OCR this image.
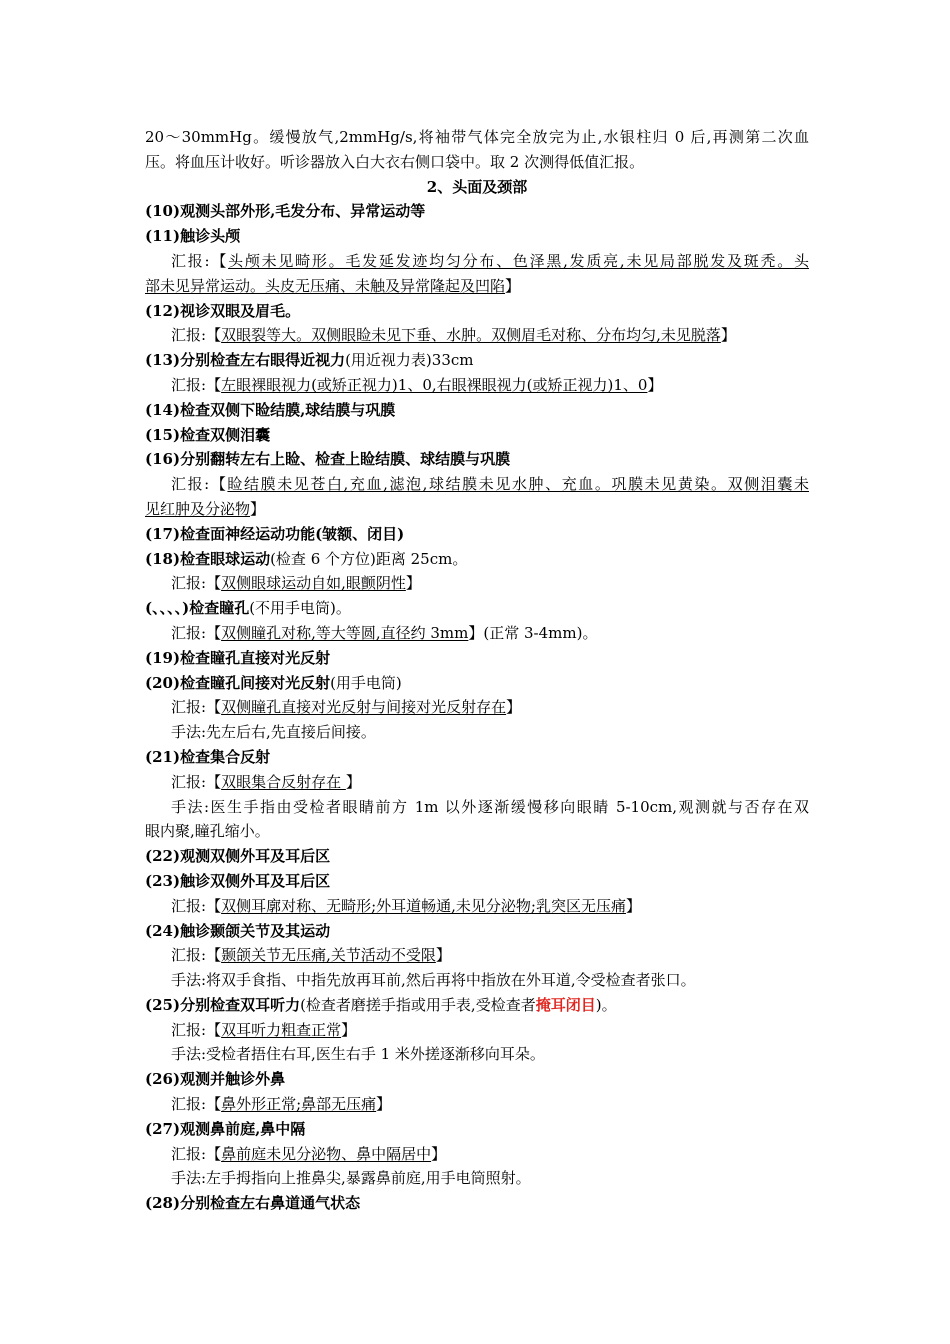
20～30mmHg。缓慢放气,2mmHg/s,将袖带气体完全放完为止,水银柱归 0 后,再测第二次血
压。将血压计收好。听诊器放入白大衣右侧口袋中。取 2 次测得低值汇报。
2、头面及颈部
(10)观测头部外形,毛发分布、异常运动等
(11)触诊头颅
汇报:【头颅未见畸形。毛发延发迹均匀分布、色泽黑,发质亮,未见局部脱发及斑秃。头
部未见异常运动。头皮无压痛、未触及异常隆起及凹陷】
(12)视诊双眼及眉毛。
汇报:【双眼裂等大。双侧眼睑未见下垂、水肿。双侧眉毛对称、分布均匀,未见脱落】
(13)分别检查左右眼得近视力(用近视力表)33cm
汇报:【左眼裸眼视力(或矫正视力)1、0,右眼裸眼视力(或矫正视力)1、0】
(14)检查双侧下睑结膜,球结膜与巩膜
(15)检查双侧泪囊
(16)分别翻转左右上睑、检查上睑结膜、球结膜与巩膜
汇报:【睑结膜未见苍白,充血,滤泡,球结膜未见水肿、充血。巩膜未见黄染。双侧泪囊未
见红肿及分泌物】
(17)检查面神经运动功能(皱额、闭目)
(18)检查眼球运动(检查 6 个方位)距离 25cm。
汇报:【双侧眼球运动自如,眼颤阴性】
(、、、、)检查瞳孔(不用手电筒)。
汇报:【双侧瞳孔对称,等大等圆,直径约 3mm】(正常 3-4mm)。
(19)检查瞳孔直接对光反射
(20)检查瞳孔间接对光反射(用手电筒)
汇报:【双侧瞳孔直接对光反射与间接对光反射存在】
手法:先左后右,先直接后间接。
(21)检查集合反射
汇报:【双眼集合反射存在 】
手法:医生手指由受检者眼睛前方 1m 以外逐渐缓慢移向眼睛 5-10cm,观测就与否存在双
眼内聚,瞳孔缩小。
(22)观测双侧外耳及耳后区
(23)触诊双侧外耳及耳后区
汇报:【双侧耳廓对称、无畸形;外耳道畅通,未见分泌物;乳突区无压痛】
(24)触诊颞颌关节及其运动
汇报:【颞颌关节无压痛,关节活动不受限】
手法:将双手食指、中指先放再耳前,然后再将中指放在外耳道,令受检查者张口。
(25)分别检查双耳听力(检查者磨搓手指或用手表,受检查者掩耳闭目)。
汇报:【双耳听力粗查正常】
手法:受检者捂住右耳,医生右手 1 米外搓逐渐移向耳朵。
(26)观测并触诊外鼻
汇报:【鼻外形正常;鼻部无压痛】
(27)观测鼻前庭,鼻中隔
汇报:【鼻前庭未见分泌物、鼻中隔居中】
手法:左手拇指向上推鼻尖,暴露鼻前庭,用手电筒照射。
(28)分别检查左右鼻道通气状态
